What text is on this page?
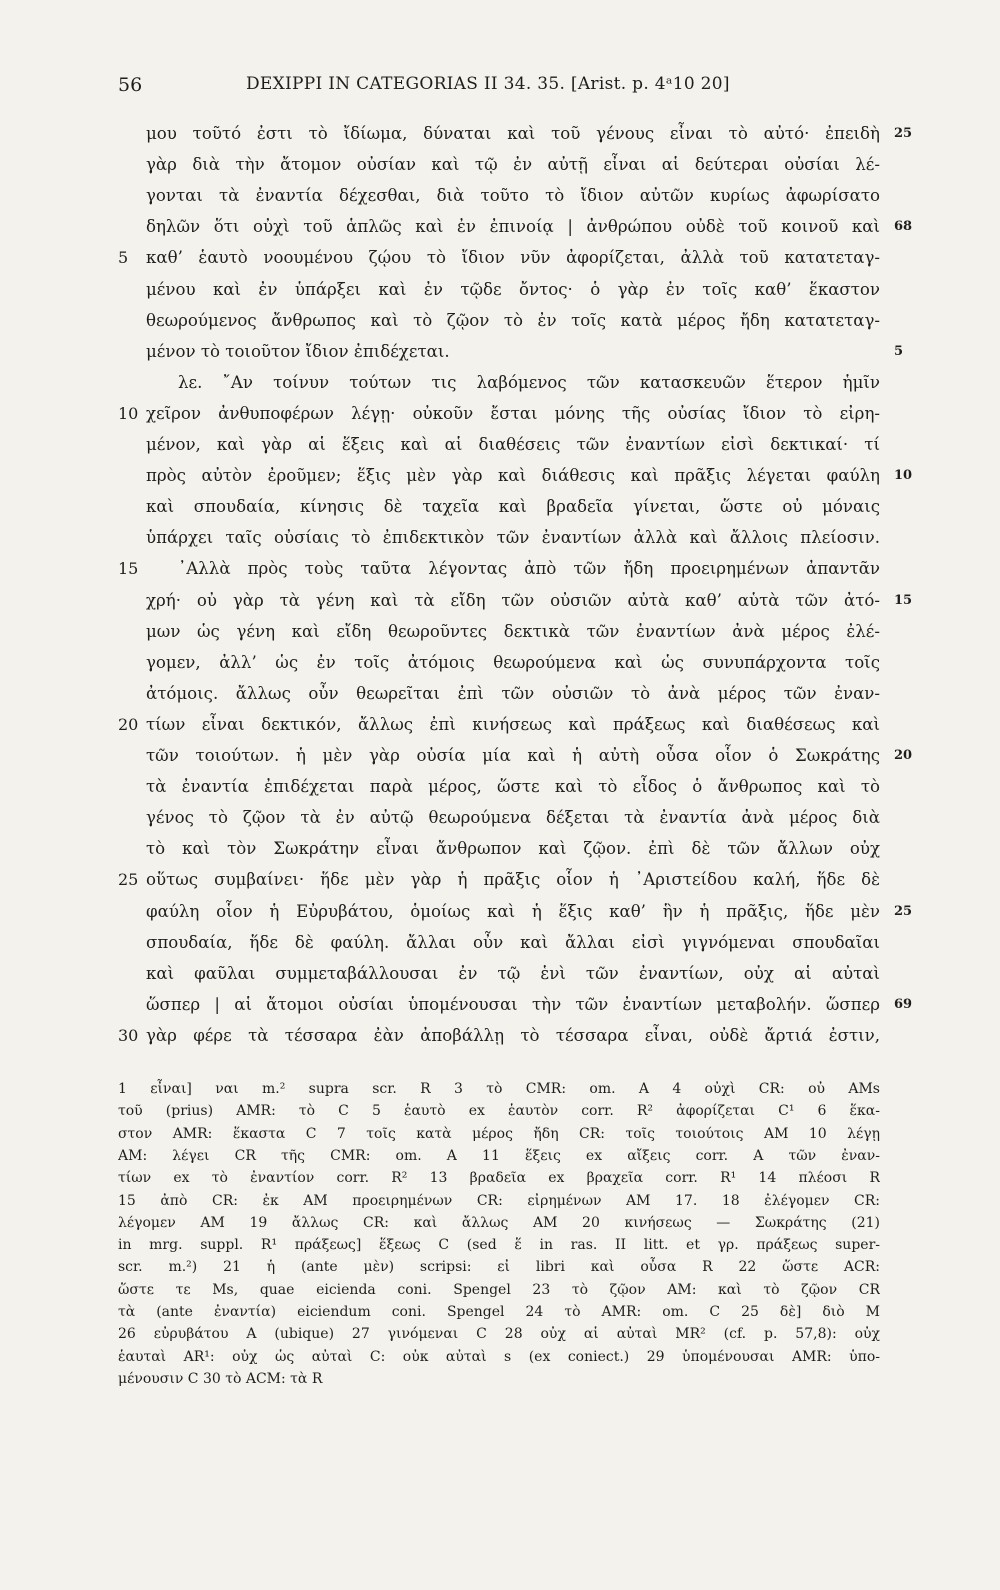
56	DEXIPPI IN CATEGORIAS II 34. 35. [Arist. p. 4ᵃ10 20]
μου τοῦτό ἐστι τὸ ἴδίωμα, δύναται καὶ τοῦ γένους εἶναι τὸ αὐτό· ἐπειδὴ 25
γὰρ διὰ τὴν ἄτομον οὐσίαν καὶ τῷ ἐν αὐτῇ εἶναι αἱ δεύτεραι οὐσίαι λέ-
γονται τὰ ἐναντία δέχεσθαι, διὰ τοῦτο τὸ ἴδιον αὐτῶν κυρίως ἀφωρίσατο
δηλῶν ὅτι οὐχὶ τοῦ ἁπλῶς καὶ ἐν ἐπινοίᾳ | ἀνθρώπου οὐδὲ τοῦ κοινοῦ καὶ 68
5 καθ’ ἑαυτὸ νοουμένου ζῴου τὸ ἴδιον νῦν ἀφορίζεται, ἀλλὰ τοῦ κατατεταγ-
μένου καὶ ἐν ὑπάρξει καὶ ἐν τῷδε ὄντος· ὁ γὰρ ἐν τοῖς καθ’ ἕκαστον
θεωρούμενος ἄνθρωπος καὶ τὸ ζῷον τὸ ἐν τοῖς κατὰ μέρος ἤδη κατατεταγ-
μένον τὸ τοιοῦτον ἴδιον ἐπιδέχεται.	5
λε. ῎Αν τοίνυν τούτων τις λαβόμενος τῶν κατασκευῶν ἕτερον ἡμῖν
10 χεῖρον ἀνθυποφέρων λέγῃ· οὐκοῦν ἔσται μόνης τῆς οὐσίας ἴδιον τὸ εἰρη-
μένον, καὶ γὰρ αἱ ἕξεις καὶ αἱ διαθέσεις τῶν ἐναντίων εἰσὶ δεκτικαί· τί
πρὸς αὐτὸν ἐροῦμεν; ἕξις μὲν γὰρ καὶ διάθεσις καὶ πρᾶξις λέγεται φαύλη 10
καὶ σπουδαία, κίνησις δὲ ταχεῖα καὶ βραδεῖα γίνεται, ὥστε οὐ μόναις
ὑπάρχει ταῖς οὐσίαις τὸ ἐπιδεκτικὸν τῶν ἐναντίων ἀλλὰ καὶ ἄλλοις πλείοσιν.
15 ᾿Αλλὰ πρὸς τοὺς ταῦτα λέγοντας ἀπὸ τῶν ἤδη προειρημένων ἀπαντᾶν
χρή· οὐ γὰρ τὰ γένη καὶ τὰ εἴδη τῶν οὐσιῶν αὐτὰ καθ’ αὑτὰ τῶν ἀτό- 15
μων ὡς γένη καὶ εἴδη θεωροῦντες δεκτικὰ τῶν ἐναντίων ἀνὰ μέρος ἐλέ-
γομεν, ἀλλ’ ὡς ἐν τοῖς ἀτόμοις θεωρούμενα καὶ ὡς συνυπάρχοντα τοῖς
ἀτόμοις. ἄλλως οὖν θεωρεῖται ἐπὶ τῶν οὐσιῶν τὸ ἀνὰ μέρος τῶν ἐναν-
20 τίων εἶναι δεκτικόν, ἄλλως ἐπὶ κινήσεως καὶ πράξεως καὶ διαθέσεως καὶ
τῶν τοιούτων. ἡ μὲν γὰρ οὐσία μία καὶ ἡ αὐτὴ οὖσα οἷον ὁ Σωκράτης 20
τὰ ἐναντία ἐπιδέχεται παρὰ μέρος, ὥστε καὶ τὸ εἶδος ὁ ἄνθρωπος καὶ τὸ
γένος τὸ ζῷον τὰ ἐν αὐτῷ θεωρούμενα δέξεται τὰ ἐναντία ἀνὰ μέρος διὰ
τὸ καὶ τὸν Σωκράτην εἶναι ἄνθρωπον καὶ ζῷον. ἐπὶ δὲ τῶν ἄλλων οὐχ
25 οὕτως συμβαίνει· ἥδε μὲν γὰρ ἡ πρᾶξις οἷον ἡ ᾿Αριστείδου καλή, ἥδε δὲ
φαύλη οἷον ἡ Εὐρυβάτου, ὁμοίως καὶ ἡ ἕξις καθ’ ἣν ἡ πρᾶξις, ἥδε μὲν 25
σπουδαία, ἥδε δὲ φαύλη. ἄλλαι οὖν καὶ ἄλλαι εἰσὶ γιγνόμεναι σπουδαῖαι
καὶ φαῦλαι συμμεταβάλλουσαι ἐν τῷ ἑνὶ τῶν ἐναντίων, οὐχ αἱ αὐταὶ
ὥσπερ | αἱ ἄτομοι οὐσίαι ὑπομένουσαι τὴν τῶν ἐναντίων μεταβολήν. ὥσπερ 69
30 γὰρ φέρε τὰ τέσσαρα ἐὰν ἀποβάλλῃ τὸ τέσσαρα εἶναι, οὐδὲ ἄρτιά ἐστιν,
1 εἶναι] ναι m.² supra scr. R 3 τὸ CMR: om. A 4 οὐχὶ CR: οὐ AMs
τοῦ (prius) AMR: τὸ C 5 ἑαυτὸ ex ἑαυτὸν corr. R² ἀφορίζεται C¹ 6 ἕκα-
στον AMR: ἕκαστα C 7 τοῖς κατὰ μέρος ἤδη CR: τοῖς τοιούτοις AM 10 λέγῃ
AM: λέγει CR τῆς CMR: om. A 11 ἕξεις ex αἴξεις corr. A τῶν ἐναν-
τίων ex τὸ ἐναντίον corr. R² 13 βραδεῖα ex βραχεῖα corr. R¹ 14 πλέοσι R
15 ἀπὸ CR: ἐκ AM προειρημένων CR: εἰρημένων AM 17. 18 ἐλέγομεν CR:
λέγομεν AM 19 ἄλλως CR: καὶ ἄλλως AM 20 κινήσεως — Σωκράτης (21)
in mrg. suppl. R¹ πράξεως] ἕξεως C (sed ἕ in ras. II litt. et γρ. πράξεως super-
scr. m.²) 21 ἡ (ante μὲν) scripsi: εἰ libri καὶ οὖσα R 22 ὥστε ACR:
ὥστε τε Ms, quae eicienda coni. Spengel 23 τὸ ζῷον AM: καὶ τὸ ζῷον CR
τὰ (ante ἐναντία) eiciendum coni. Spengel 24 τὸ AMR: om. C 25 δὲ] διὸ M
26 εὐρυβάτου A (ubique) 27 γινόμεναι C 28 οὐχ αἱ αὐταὶ MR² (cf. p. 57,8): οὐχ
ἑαυταὶ AR¹: οὐχ ὡς αὐταὶ C: οὐκ αὐταὶ s (ex coniect.) 29 ὑπομένουσαι AMR: ὑπο-
μένουσιν C 30 τὸ ACM: τὰ R
